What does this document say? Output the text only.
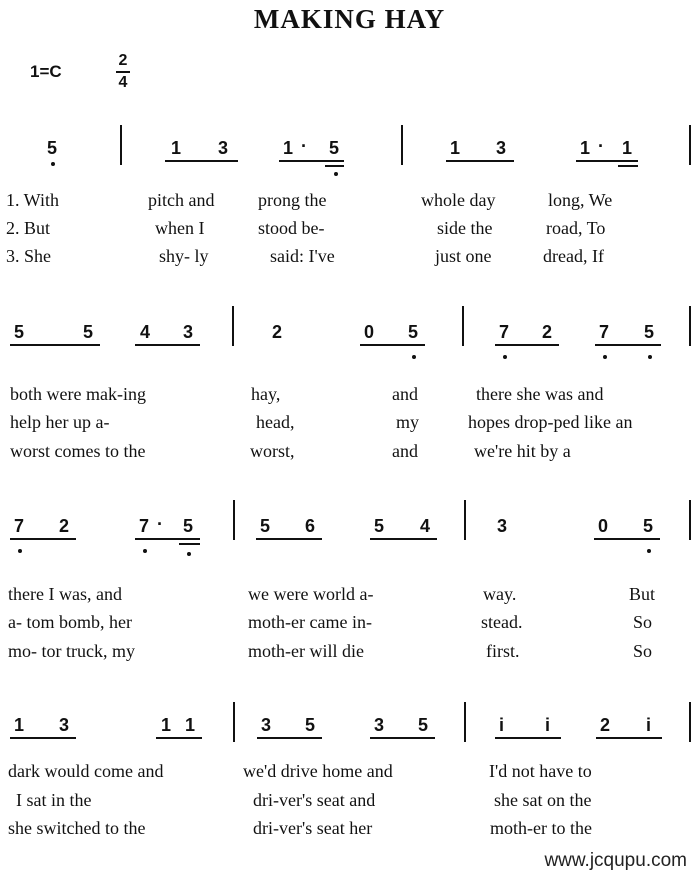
MAKING HAY
1=C
2
4
5	1 3	1 · 5	1 3	1 · 1
1. With	pitch and prong the	whole day	long, We
2. But	when I	stood be-	side the	road, To
3. She	shy- ly	said: I've	just one	dread, If
5	5	4 3	2	0 5	7 2	7 5
both were mak-ing	hay,	and	there she was and
help her up a-	head,	my	hopes drop-ped like an
worst comes to the	worst,	and	we're hit by a
7 2	7 · 5	5 6	5 4	3	0 5
there I was, and	we were world a-	way.	But
a- tom bomb, her	moth-er came in-	stead.	So
mo- tor truck, my	moth-er will die	first.	So
1 3	1 1	3 5	3 5	i i	2 i
dark would come and	we'd drive home and	I'd not have to
I sat in the	dri-ver's seat and	she sat on the
she switched to the	dri-ver's seat her	moth-er to the
www.jcqupu.com
